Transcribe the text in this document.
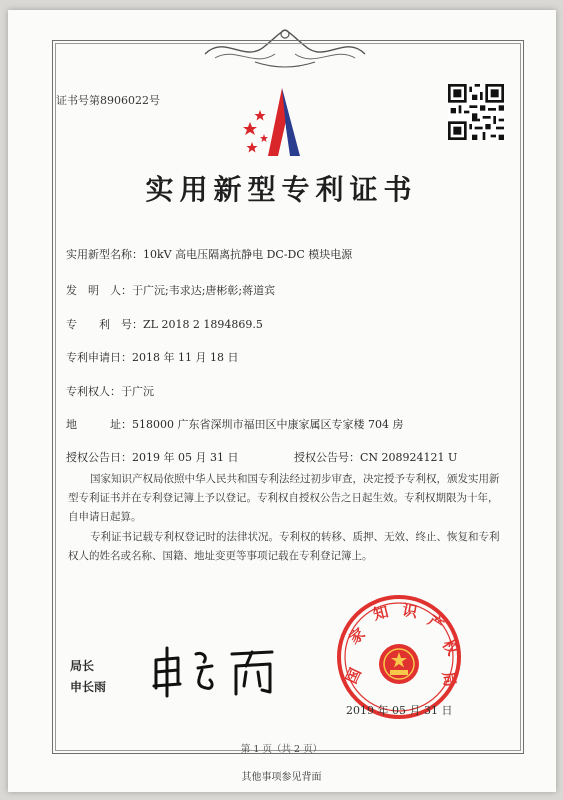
证书号第8906022号
实用新型专利证书
实用新型名称：10kV 高电压隔离抗静电 DC-DC 模块电源
发　明　人：于广沅;韦求达;唐彬彰;蒋道宾
专　　利　号：ZL 2018 2 1894869.5
专利申请日：2018 年 11 月 18 日
专利权人：于广沅
地　　　址：518000 广东省深圳市福田区中康家属区专家楼 704 房
授权公告日：2019 年 05 月 31 日	授权公告号：CN 208924121 U
国家知识产权局依照中华人民共和国专利法经过初步审查，决定授予专利权，颁发实用新型专利证书并在专利登记簿上予以登记。专利权自授权公告之日起生效。专利权期限为十年，自申请日起算。
专利证书记载专利权登记时的法律状况。专利权的转移、质押、无效、终止、恢复和专利权人的姓名或名称、国籍、地址变更等事项记载在专利登记簿上。
局长
申长雨
国
家
知 识
产
权
局
2019 年 05 月 31 日
第 1 页（共 2 页）
其他事项参见背面
